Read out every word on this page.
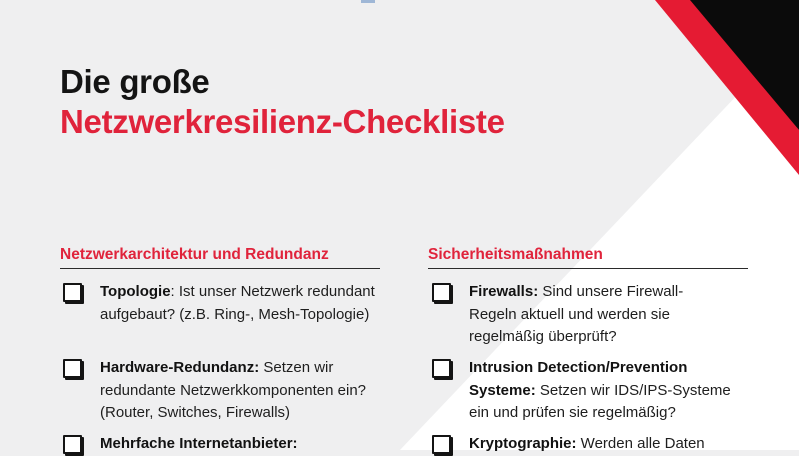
Die große
Netzwerkresilienz-Checkliste
Netzwerkarchitektur und Redundanz
Topologie: Ist unser Netzwerk redundant aufgebaut? (z.B. Ring-, Mesh-Topologie)
Hardware-Redundanz: Setzen wir redundante Netzwerkkomponenten ein? (Router, Switches, Firewalls)
Mehrfache Internetanbieter:
Sicherheitsmaßnahmen
Firewalls: Sind unsere Firewall-Regeln aktuell und werden sie regelmäßig überprüft?
Intrusion Detection/Prevention Systeme: Setzen wir IDS/IPS-Systeme ein und prüfen sie regelmäßig?
Kryptographie: Werden alle Daten
